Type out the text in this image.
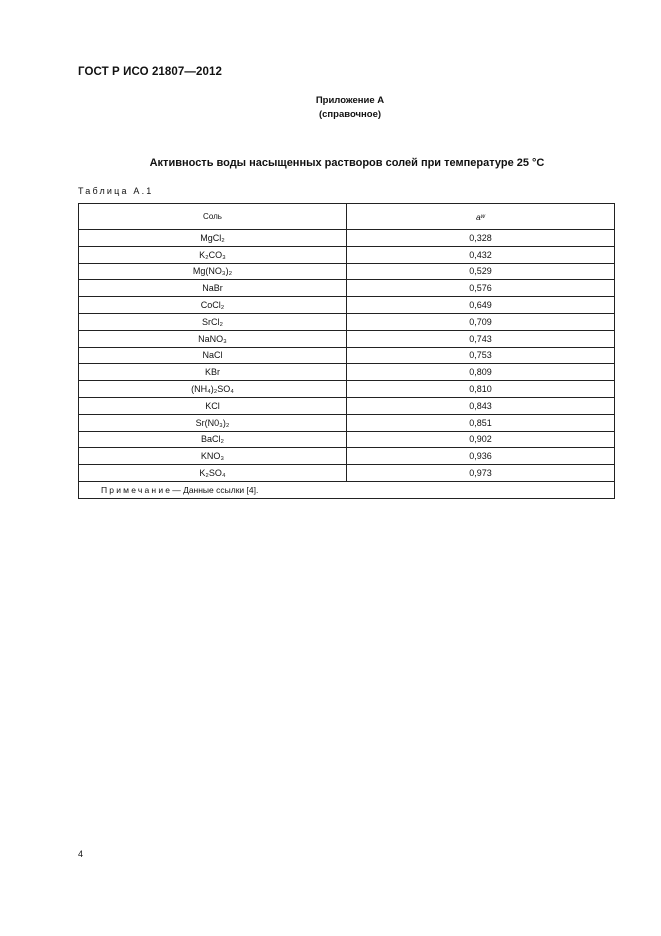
ГОСТ Р ИСО 21807—2012
Приложение А
(справочное)
Активность воды насыщенных растворов солей при температуре 25 °С
Таблица А.1
Соль	a w
MgCl₂	0,328
K₂CO₃	0,432
Mg(NO₃)₂	0,529
NaBr	0,576
CoCl₂	0,649
SrCl₂	0,709
NaNO₃	0,743
NaCl	0,753
KBr	0,809
(NH₄)₂SO₄	0,810
KCl	0,843
Sr(N0₃)₂	0,851
BaCl₂	0,902
KNO₃	0,936
K₂SO₄	0,973
Примечание — Данные ссылки [4].
4
